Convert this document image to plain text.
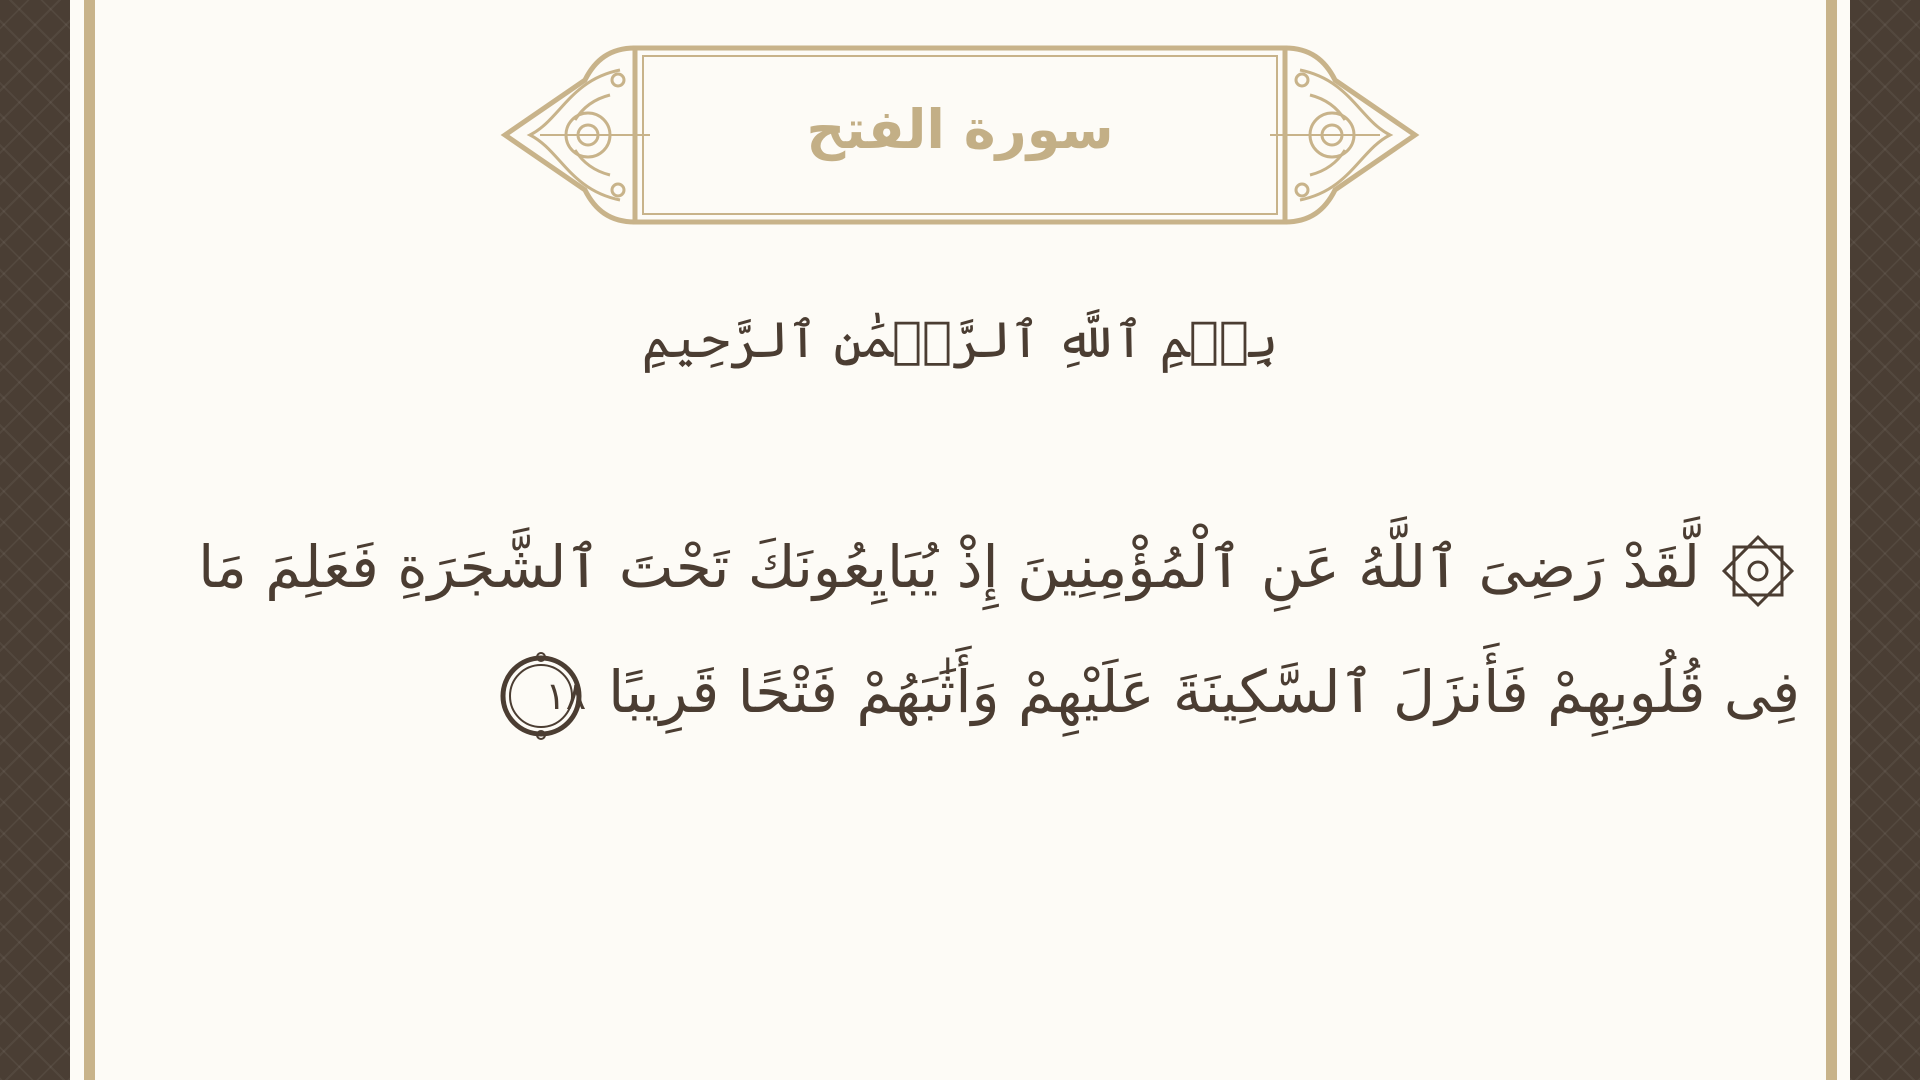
سورة الفتح
بِسۡمِ ٱللَّهِ ٱلرَّحۡمَٰنِ ٱلرَّحِيمِ
لَّقَدْ رَضِىَ ٱللَّهُ عَنِ ٱلْمُؤْمِنِينَ إِذْ يُبَايِعُونَكَ تَحْتَ ٱلشَّجَرَةِ فَعَلِمَ مَا
فِى قُلُوبِهِمْ فَأَنزَلَ ٱلسَّكِينَةَ عَلَيْهِمْ وَأَثَٰبَهُمْ فَتْحًا قَرِيبًا
١٨
